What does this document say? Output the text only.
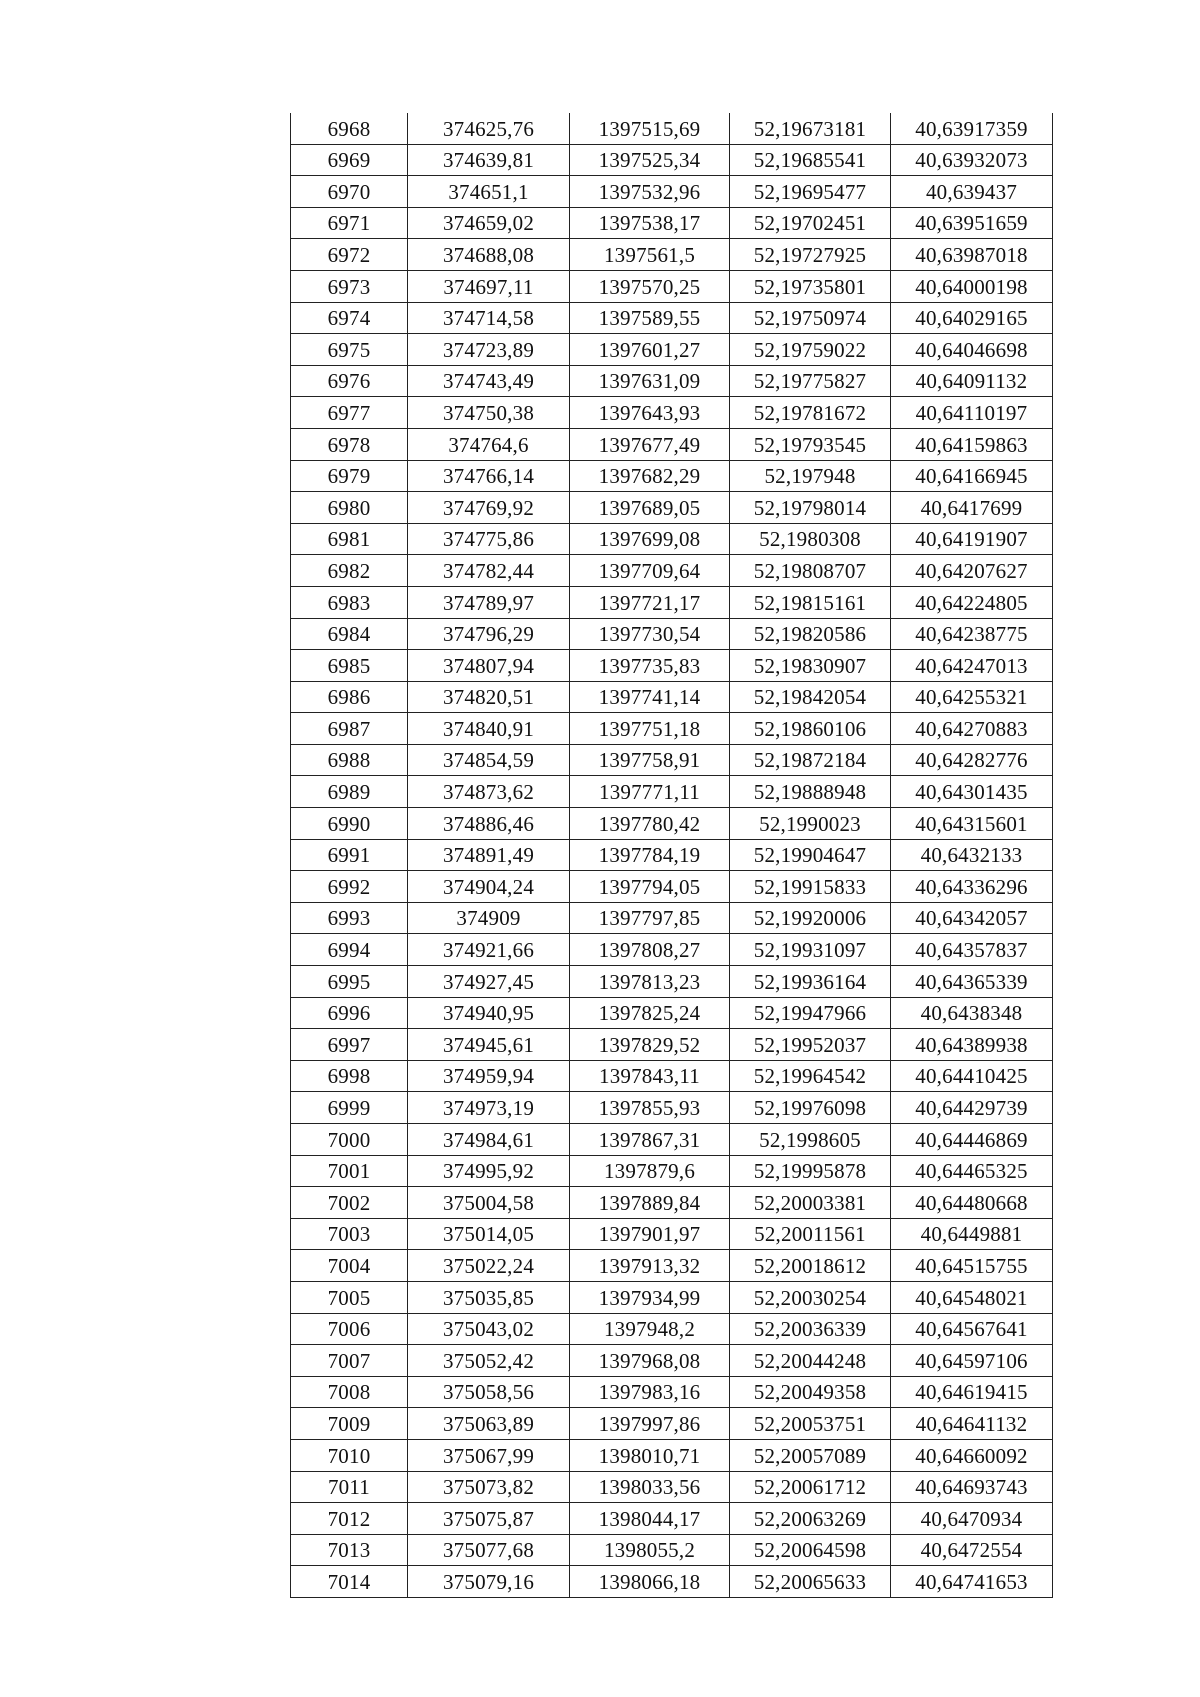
6968	374625,76	1397515,69	52,19673181	40,63917359
6969	374639,81	1397525,34	52,19685541	40,63932073
6970	374651,1	1397532,96	52,19695477	40,639437
6971	374659,02	1397538,17	52,19702451	40,63951659
6972	374688,08	1397561,5	52,19727925	40,63987018
6973	374697,11	1397570,25	52,19735801	40,64000198
6974	374714,58	1397589,55	52,19750974	40,64029165
6975	374723,89	1397601,27	52,19759022	40,64046698
6976	374743,49	1397631,09	52,19775827	40,64091132
6977	374750,38	1397643,93	52,19781672	40,64110197
6978	374764,6	1397677,49	52,19793545	40,64159863
6979	374766,14	1397682,29	52,197948	40,64166945
6980	374769,92	1397689,05	52,19798014	40,6417699
6981	374775,86	1397699,08	52,1980308	40,64191907
6982	374782,44	1397709,64	52,19808707	40,64207627
6983	374789,97	1397721,17	52,19815161	40,64224805
6984	374796,29	1397730,54	52,19820586	40,64238775
6985	374807,94	1397735,83	52,19830907	40,64247013
6986	374820,51	1397741,14	52,19842054	40,64255321
6987	374840,91	1397751,18	52,19860106	40,64270883
6988	374854,59	1397758,91	52,19872184	40,64282776
6989	374873,62	1397771,11	52,19888948	40,64301435
6990	374886,46	1397780,42	52,1990023	40,64315601
6991	374891,49	1397784,19	52,19904647	40,6432133
6992	374904,24	1397794,05	52,19915833	40,64336296
6993	374909	1397797,85	52,19920006	40,64342057
6994	374921,66	1397808,27	52,19931097	40,64357837
6995	374927,45	1397813,23	52,19936164	40,64365339
6996	374940,95	1397825,24	52,19947966	40,6438348
6997	374945,61	1397829,52	52,19952037	40,64389938
6998	374959,94	1397843,11	52,19964542	40,64410425
6999	374973,19	1397855,93	52,19976098	40,64429739
7000	374984,61	1397867,31	52,1998605	40,64446869
7001	374995,92	1397879,6	52,19995878	40,64465325
7002	375004,58	1397889,84	52,20003381	40,64480668
7003	375014,05	1397901,97	52,20011561	40,6449881
7004	375022,24	1397913,32	52,20018612	40,64515755
7005	375035,85	1397934,99	52,20030254	40,64548021
7006	375043,02	1397948,2	52,20036339	40,64567641
7007	375052,42	1397968,08	52,20044248	40,64597106
7008	375058,56	1397983,16	52,20049358	40,64619415
7009	375063,89	1397997,86	52,20053751	40,64641132
7010	375067,99	1398010,71	52,20057089	40,64660092
7011	375073,82	1398033,56	52,20061712	40,64693743
7012	375075,87	1398044,17	52,20063269	40,6470934
7013	375077,68	1398055,2	52,20064598	40,6472554
7014	375079,16	1398066,18	52,20065633	40,64741653
